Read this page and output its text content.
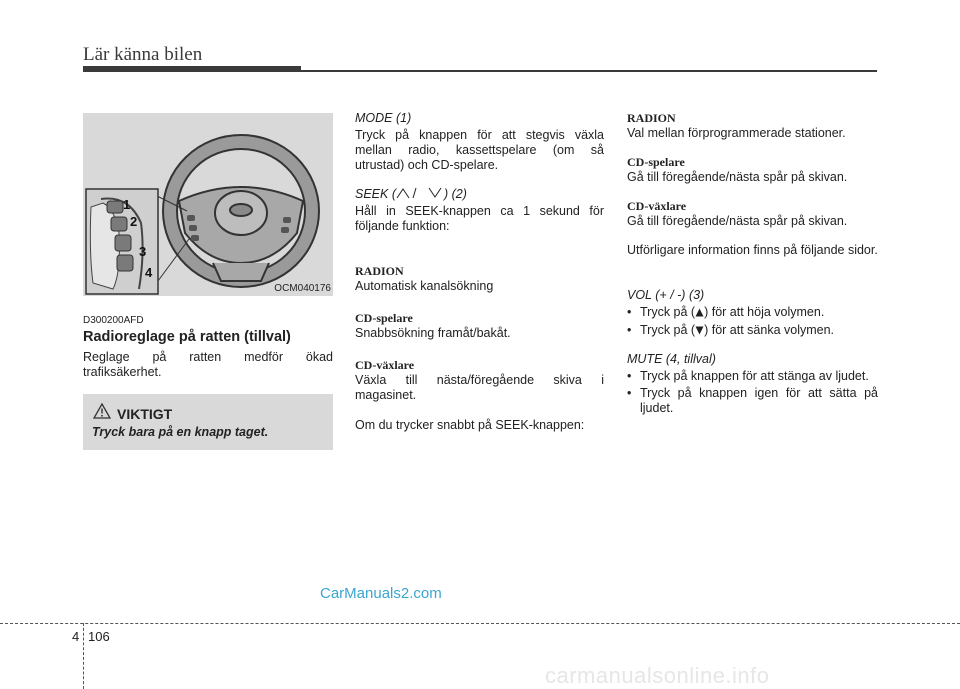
Lär känna bilen
1
2
3
4
OCM040176
D300200AFD
Radioreglage på ratten (tillval)
Reglage på ratten medför ökad trafiksäkerhet.
VIKTIGT
Tryck bara på en knapp taget.

MODE (1)

Tryck på knappen för att stegvis växla mellan radio, kassettspelare (om så utrustad) och CD-spelare.

SEEK (	) (2)

Håll in SEEK-knappen ca 1 sekund för följande funktion:

RADION

Automatisk kanalsökning

CD-spelare

Snabbsökning framåt/bakåt.

CD-växlare

Växla till nästa/föregående skiva i magasinet.

Om du trycker snabbt på SEEK-knappen:

RADION

Val mellan förprogrammerade stationer.

CD-spelare

Gå till föregående/nästa spår på skivan.

CD-växlare

Gå till föregående/nästa spår på skivan.

Utförligare information finns på följande sidor.

VOL (+ / -) (3)

• Tryck på ( ) för att höja volymen.

• Tryck på ( ) för att sänka volymen.

MUTE (4, tillval)

• Tryck på knappen för att stänga av ljudet.

• Tryck på knappen igen för att sätta på ljudet.

CarManuals2.com
4 106
carmanualsonline.info
